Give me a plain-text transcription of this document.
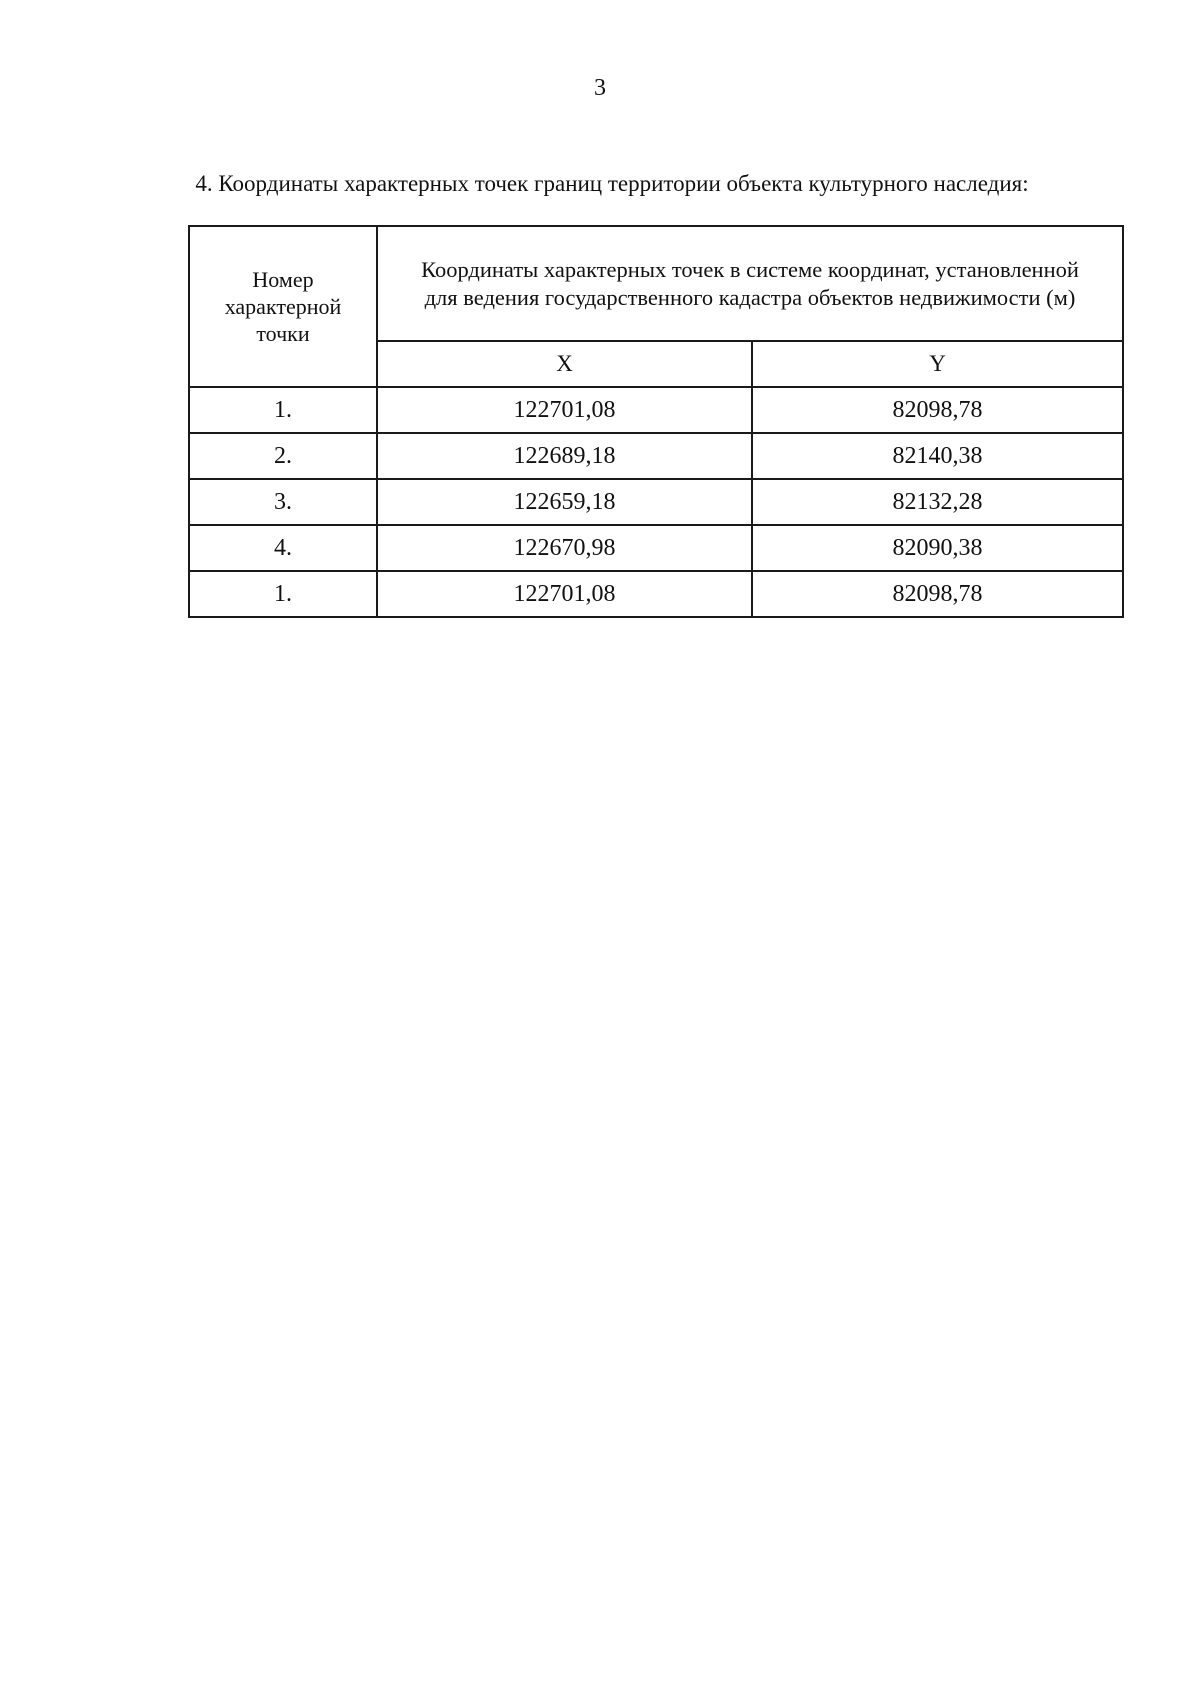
3
4. Координаты характерных точек границ территории объекта культурного наследия:
Номер
характерной
точки	Координаты характерных точек в системе координат, установленной
для ведения государственного кадастра объектов недвижимости (м)	

	X	Y
1.	122701,08	82098,78
2.	122689,18	82140,38
3.	122659,18	82132,28
4.	122670,98	82090,38
1.	122701,08	82098,78
